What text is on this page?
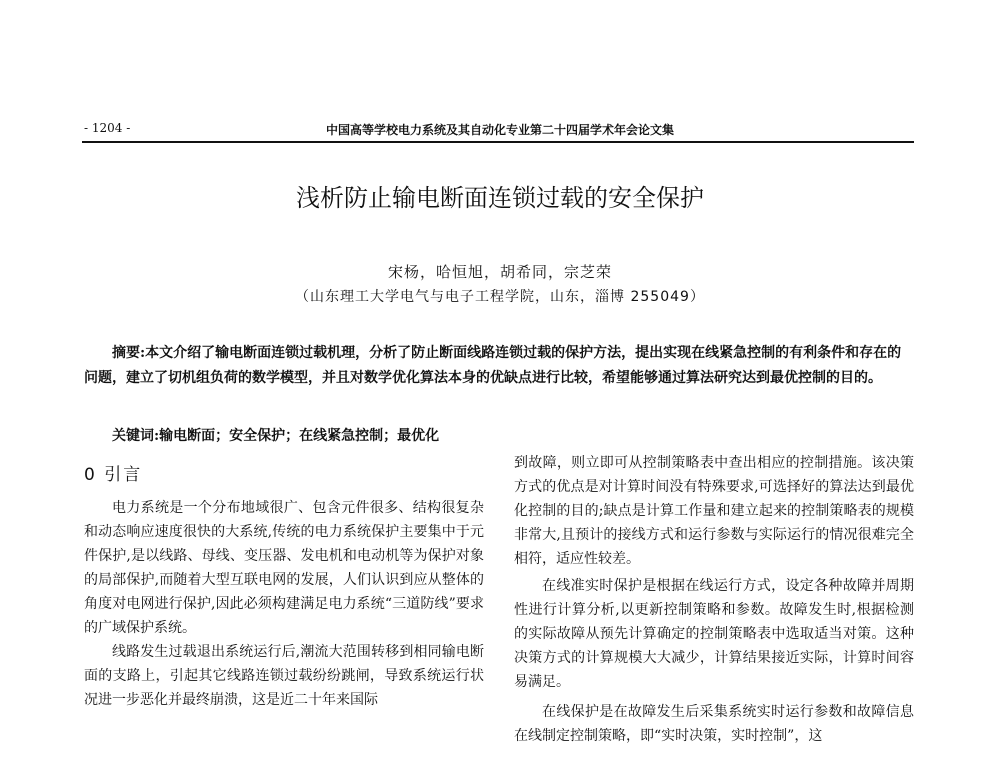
- 1204 -	中国高等学校电力系统及其自动化专业第二十四届学术年会论文集
浅析防止输电断面连锁过载的安全保护
宋杨，哈恒旭，胡希同，宗芝荣
（山东理工大学电气与电子工程学院，山东，淄博 255049）
摘要:本文介绍了输电断面连锁过载机理，分析了防止断面线路连锁过载的保护方法，提出实现在线紧急控制的有利条件和存在的问题，建立了切机组负荷的数学模型，并且对数学优化算法本身的优缺点进行比较，希望能够通过算法研究达到最优控制的目的。
关键词:输电断面；安全保护；在线紧急控制；最优化
0 引言

电力系统是一个分布地域很广、包含元件很多、结构很复杂和动态响应速度很快的大系统,传统的电力系统保护主要集中于元件保护,是以线路、母线、变压器、发电机和电动机等为保护对象的局部保护,而随着大型互联电网的发展，人们认识到应从整体的角度对电网进行保护,因此必须构建满足电力系统“三道防线”要求的广域保护系统。

线路发生过载退出系统运行后,潮流大范围转移到相同输电断面的支路上，引起其它线路连锁过载纷纷跳闸，导致系统运行状况进一步恶化并最终崩溃，这是近二十年来国际

到故障，则立即可从控制策略表中查出相应的控制措施。该决策方式的优点是对计算时间没有特殊要求,可选择好的算法达到最优化控制的目的;缺点是计算工作量和建立起来的控制策略表的规模非常大,且预计的接线方式和运行参数与实际运行的情况很难完全相符，适应性较差。

在线准实时保护是根据在线运行方式，设定各种故障并周期性进行计算分析,以更新控制策略和参数。故障发生时,根据检测的实际故障从预先计算确定的控制策略表中选取适当对策。这种决策方式的计算规模大大减少，计算结果接近实际，计算时间容易满足。

在线保护是在故障发生后采集系统实时运行参数和故障信息在线制定控制策略，即“实时决策，实时控制”，这
